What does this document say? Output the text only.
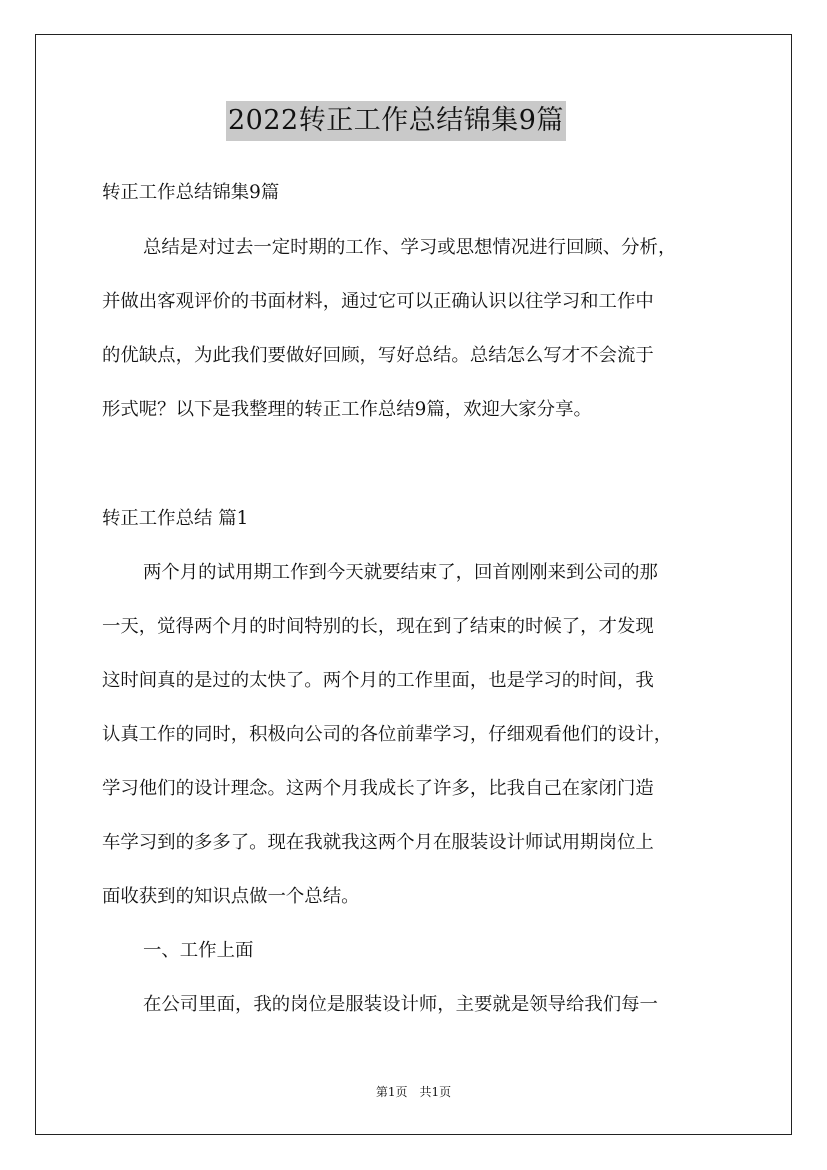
2022转正工作总结锦集9篇
转正工作总结锦集9篇
总结是对过去一定时期的工作、学习或思想情况进行回顾、分析，
并做出客观评价的书面材料，通过它可以正确认识以往学习和工作中
的优缺点，为此我们要做好回顾，写好总结。总结怎么写才不会流于
形式呢？以下是我整理的转正工作总结9篇，欢迎大家分享。
转正工作总结 篇1
两个月的试用期工作到今天就要结束了，回首刚刚来到公司的那
一天，觉得两个月的时间特别的长，现在到了结束的时候了，才发现
这时间真的是过的太快了。两个月的工作里面，也是学习的时间，我
认真工作的同时，积极向公司的各位前辈学习，仔细观看他们的设计，
学习他们的设计理念。这两个月我成长了许多，比我自己在家闭门造
车学习到的多多了。现在我就我这两个月在服装设计师试用期岗位上
面收获到的知识点做一个总结。
一、工作上面
在公司里面，我的岗位是服装设计师，主要就是领导给我们每一
第1页 共1页
